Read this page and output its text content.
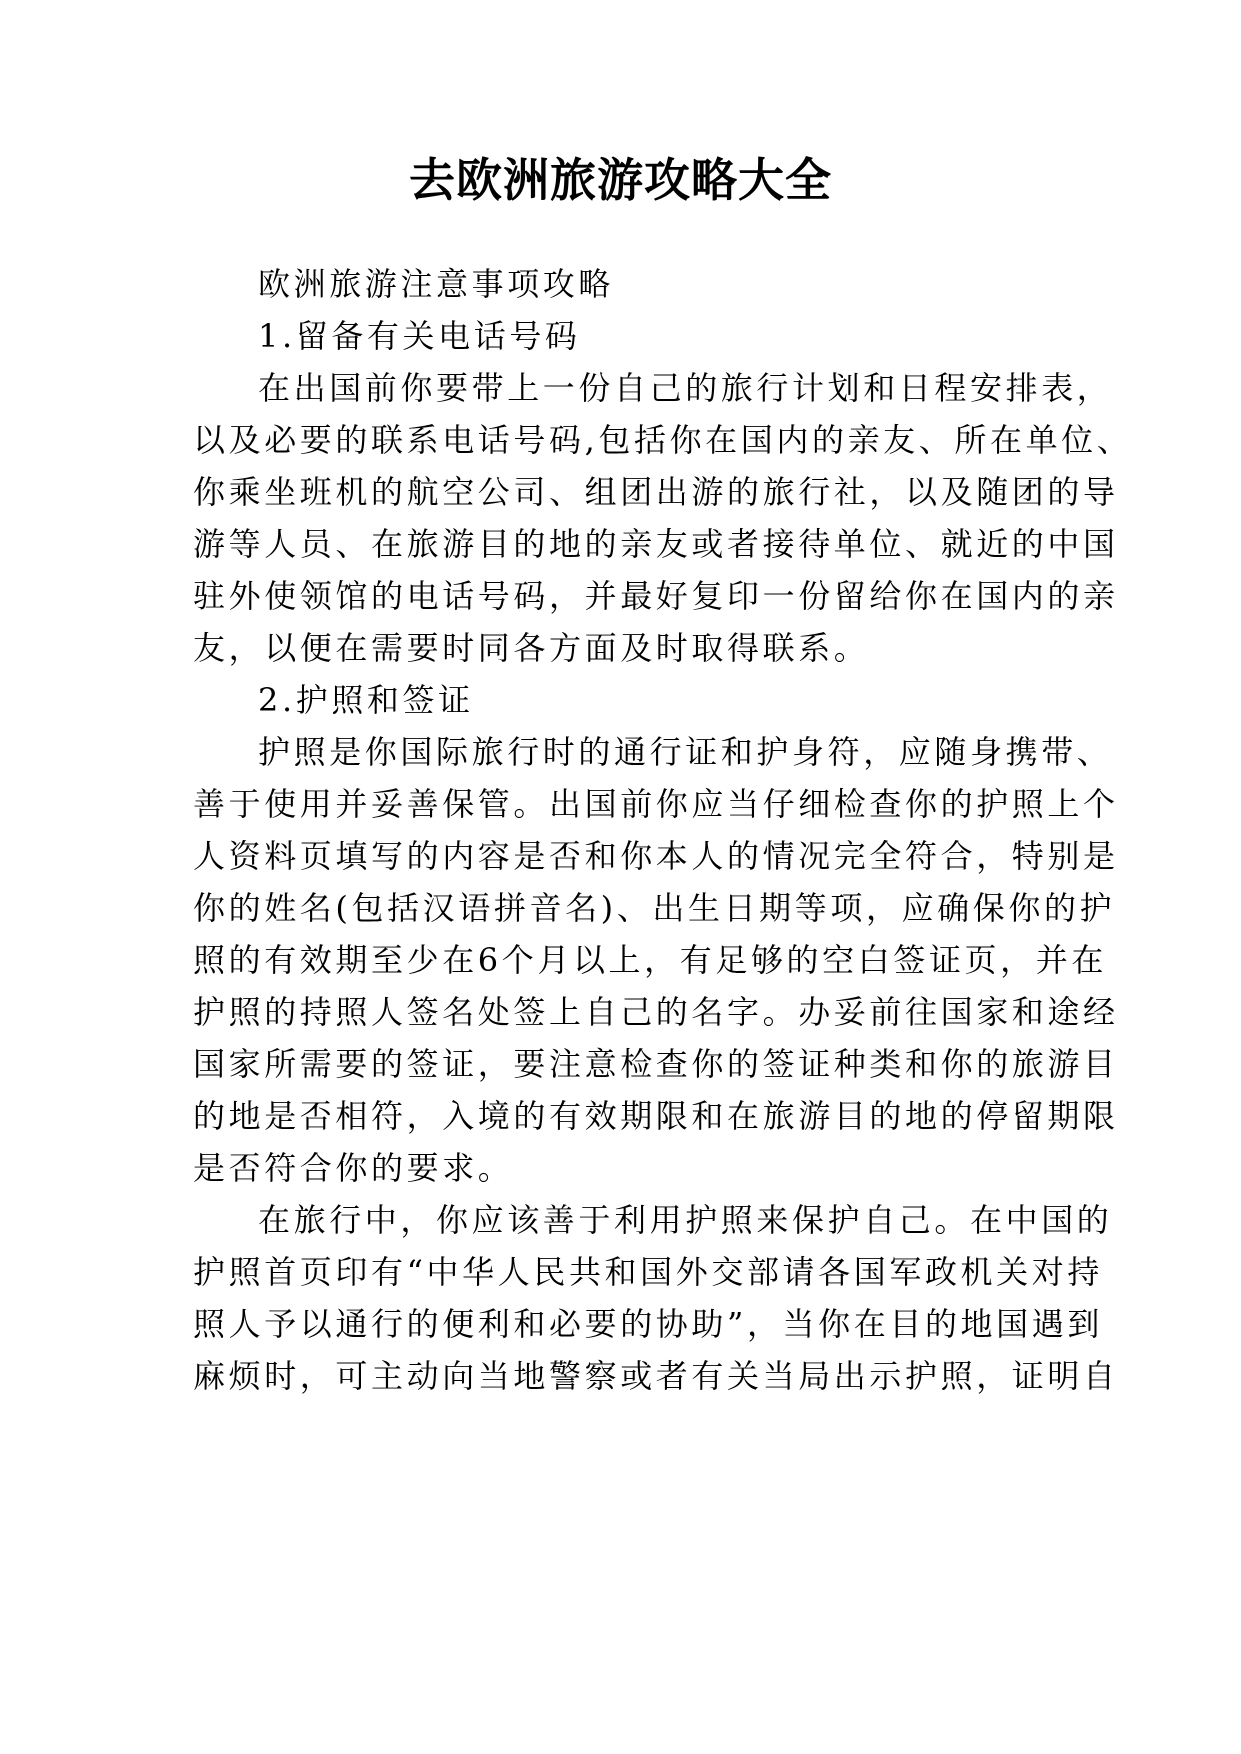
去欧洲旅游攻略大全
欧洲旅游注意事项攻略
1.留备有关电话号码
在出国前你要带上一份自己的旅行计划和日程安排表，
以及必要的联系电话号码,包括你在国内的亲友、所在单位、
你乘坐班机的航空公司、组团出游的旅行社，以及随团的导
游等人员、在旅游目的地的亲友或者接待单位、就近的中国
驻外使领馆的电话号码，并最好复印一份留给你在国内的亲
友，以便在需要时同各方面及时取得联系。
2.护照和签证
护照是你国际旅行时的通行证和护身符，应随身携带、
善于使用并妥善保管。出国前你应当仔细检查你的护照上个
人资料页填写的内容是否和你本人的情况完全符合，特别是
你的姓名(包括汉语拼音名)、出生日期等项，应确保你的护
照的有效期至少在6个月以上，有足够的空白签证页，并在
护照的持照人签名处签上自己的名字。办妥前往国家和途经
国家所需要的签证，要注意检查你的签证种类和你的旅游目
的地是否相符，入境的有效期限和在旅游目的地的停留期限
是否符合你的要求。
在旅行中，你应该善于利用护照来保护自己。在中国的
护照首页印有“中华人民共和国外交部请各国军政机关对持
照人予以通行的便利和必要的协助”，当你在目的地国遇到
麻烦时，可主动向当地警察或者有关当局出示护照，证明自
